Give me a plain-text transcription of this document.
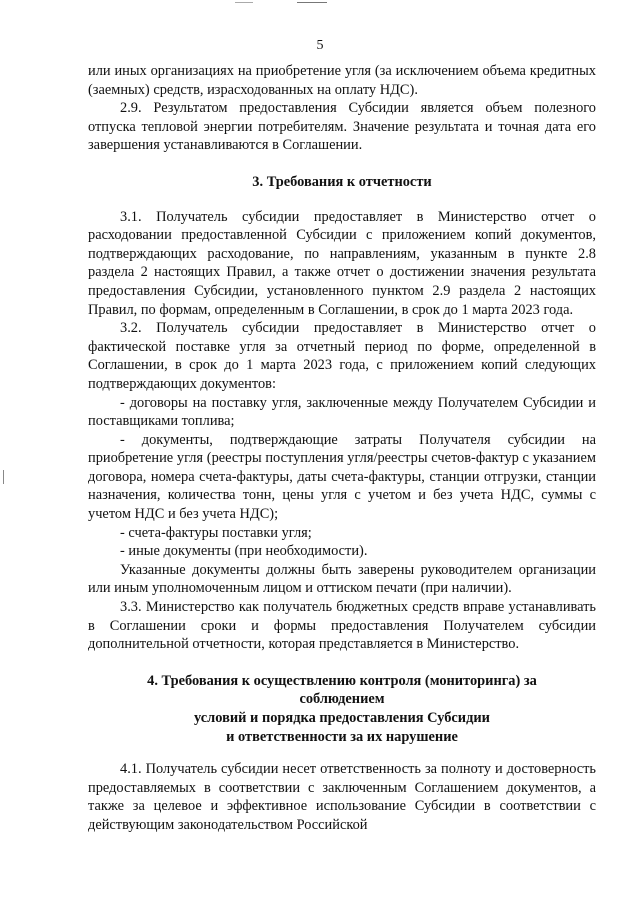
5

или иных организациях на приобретение угля (за исключением объема кредитных (заемных) средств, израсходованных на оплату НДС).

2.9. Результатом предоставления Субсидии является объем полезного отпуска тепловой энергии потребителям. Значение результата и точная дата его завершения устанавливаются в Соглашении.

3. Требования к отчетности

3.1. Получатель субсидии предоставляет в Министерство отчет о расходовании предоставленной Субсидии с приложением копий документов, подтверждающих расходование, по направлениям, указанным в пункте 2.8 раздела 2 настоящих Правил, а также отчет о достижении значения результата предоставления Субсидии, установленного пунктом 2.9 раздела 2 настоящих Правил, по формам, определенным в Соглашении, в срок до 1 марта 2023 года.

3.2. Получатель субсидии предоставляет в Министерство отчет о фактической поставке угля за отчетный период по форме, определенной в Соглашении, в срок до 1 марта 2023 года, с приложением копий следующих подтверждающих документов:

- договоры на поставку угля, заключенные между Получателем Субсидии и поставщиками топлива;

- документы, подтверждающие затраты Получателя субсидии на приобретение угля (реестры поступления угля/реестры счетов-фактур с указанием договора, номера счета-фактуры, даты счета-фактуры, станции отгрузки, станции назначения, количества тонн, цены угля с учетом и без учета НДС, суммы с учетом НДС и без учета НДС);

- счета-фактуры поставки угля;

- иные документы (при необходимости).

Указанные документы должны быть заверены руководителем организации или иным уполномоченным лицом и оттиском печати (при наличии).

3.3. Министерство как получатель бюджетных средств вправе устанавливать в Соглашении сроки и формы предоставления Получателем субсидии дополнительной отчетности, которая представляется в Министерство.

4. Требования к осуществлению контроля (мониторинга) за

соблюдением

условий и порядка предоставления Субсидии

и ответственности за их нарушение

4.1. Получатель субсидии несет ответственность за полноту и достоверность предоставляемых в соответствии с заключенным Соглашением документов, а также за целевое и эффективное использование Субсидии в соответствии с действующим законодательством Российской
